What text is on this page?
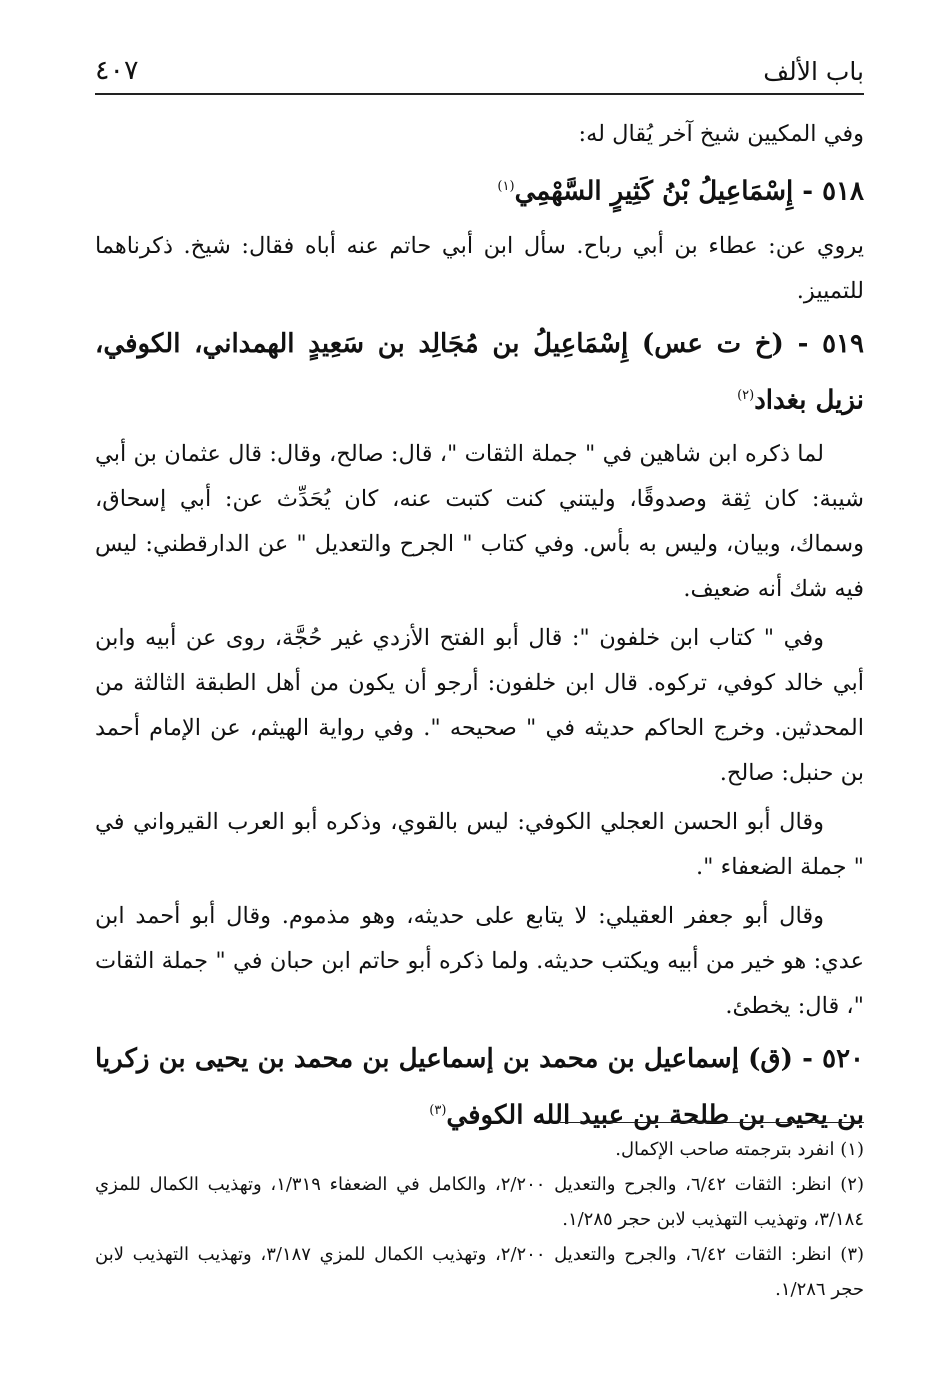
باب الألف
٤٠٧

وفي المكيين شيخ آخر يُقال له:

٥١٨ - إِسْمَاعِيلُ بْنُ كَثِيرٍ السَّهْمِي$^{(١)}$

يروي عن: عطاء بن أبي رباح. سأل ابن أبي حاتم عنه أباه فقال: شيخ. ذكرناهما للتمييز.

٥١٩ - (خ ت عس) إِسْمَاعِيلُ بن مُجَالِد بن سَعِيدٍ الهمداني، الكوفي، نزيل بغداد$^{(٢)}$

لما ذكره ابن شاهين في " جملة الثقات "، قال: صالح، وقال: قال عثمان بن أبي شيبة: كان ثِقة وصدوقًا، وليتني كنت كتبت عنه، كان يُحَدِّث عن: أبي إسحاق، وسماك، وبيان، وليس به بأس. وفي كتاب " الجرح والتعديل " عن الدارقطني: ليس فيه شك أنه ضعيف.

وفي " كتاب ابن خلفون ": قال أبو الفتح الأزدي غير حُجَّة، روى عن أبيه وابن أبي خالد كوفي، تركوه. قال ابن خلفون: أرجو أن يكون من أهل الطبقة الثالثة من المحدثين. وخرج الحاكم حديثه في " صحيحه ". وفي رواية الهيثم، عن الإمام أحمد بن حنبل: صالح.

وقال أبو الحسن العجلي الكوفي: ليس بالقوي، وذكره أبو العرب القيرواني في " جملة الضعفاء ".

وقال أبو جعفر العقيلي: لا يتابع على حديثه، وهو مذموم. وقال أبو أحمد ابن عدي: هو خير من أبيه ويكتب حديثه. ولما ذكره أبو حاتم ابن حبان في " جملة الثقات "، قال: يخطئ.

٥٢٠ - (ق) إسماعيل بن محمد بن إسماعيل بن محمد بن يحيى بن زكريا بن يحيى بن طلحة بن عبيد الله الكوفي$^{(٣)}$

(١) انفرد بترجمته صاحب الإكمال.

(٢) انظر: الثقات ٦/٤٢، والجرح والتعديل ٢/٢٠٠، والكامل في الضعفاء ١/٣١٩، وتهذيب الكمال للمزي ٣/١٨٤، وتهذيب التهذيب لابن حجر ١/٢٨٥.

(٣) انظر: الثقات ٦/٤٢، والجرح والتعديل ٢/٢٠٠، وتهذيب الكمال للمزي ٣/١٨٧، وتهذيب التهذيب لابن حجر ١/٢٨٦.
